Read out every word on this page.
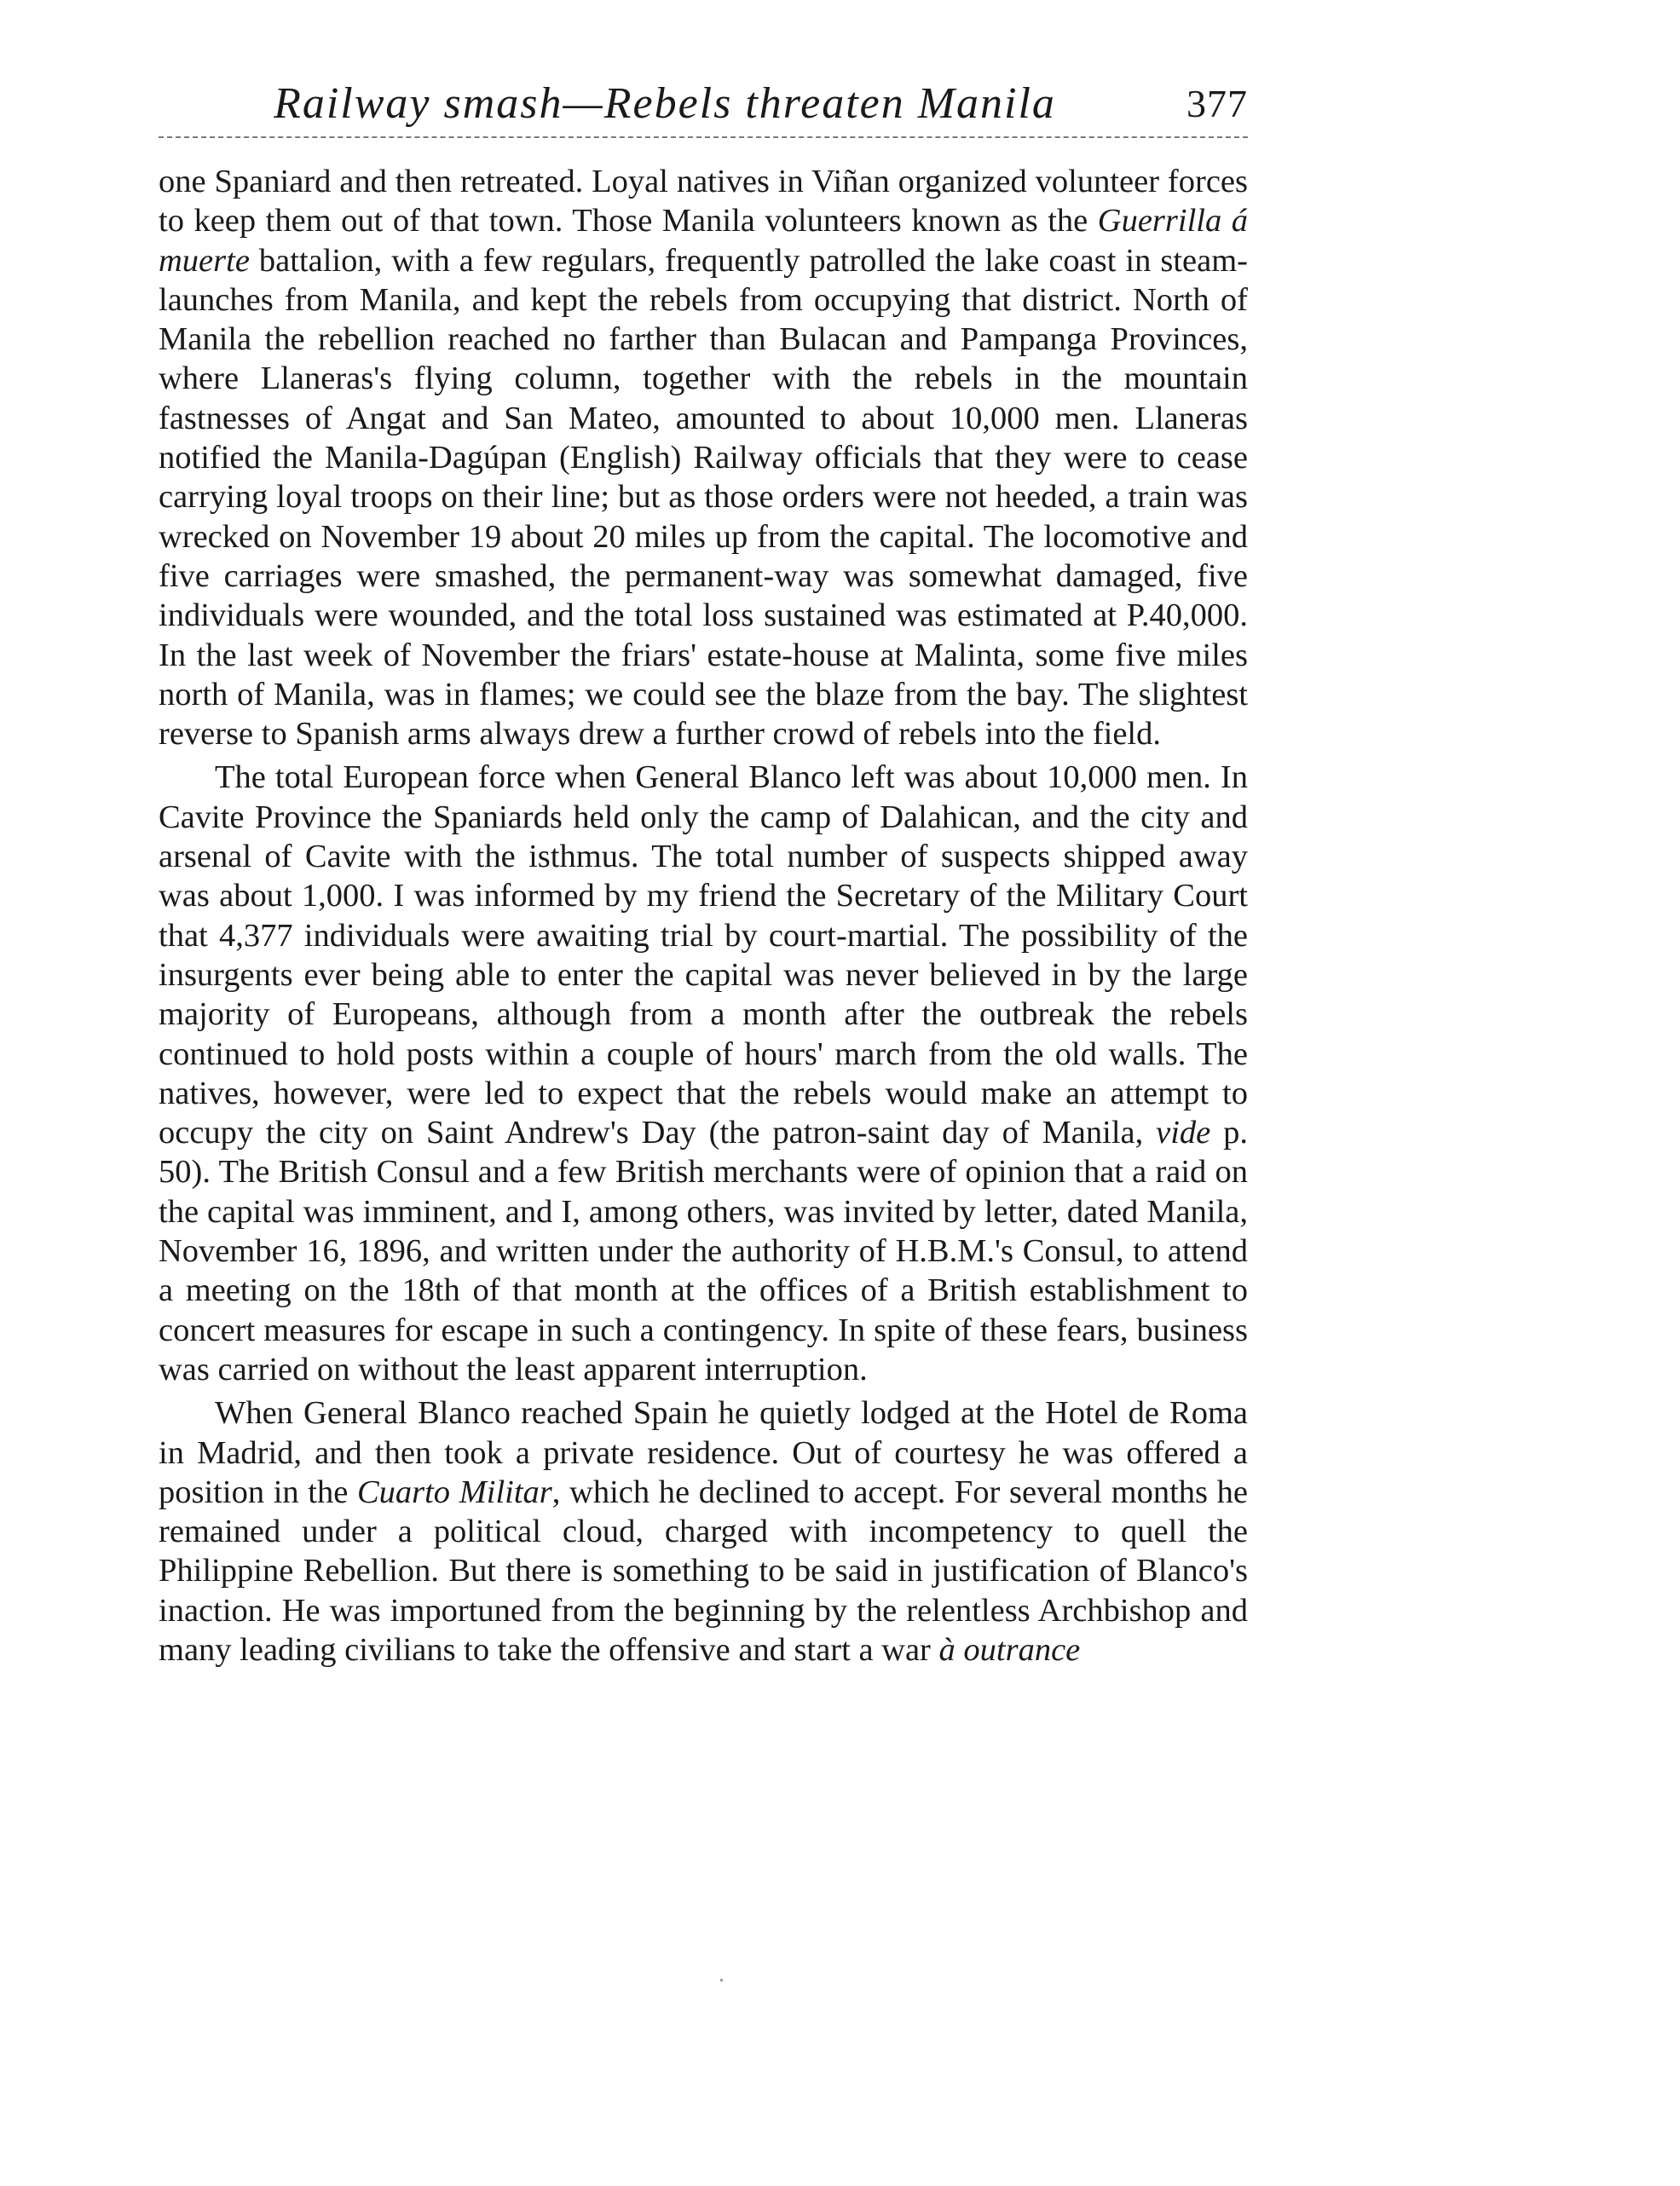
Railway smash—Rebels threaten Manila	377

one Spaniard and then retreated. Loyal natives in Viñan organized volunteer forces to keep them out of that town. Those Manila volunteers known as the Guerrilla á muerte battalion, with a few regulars, frequently patrolled the lake coast in steam-launches from Manila, and kept the rebels from occupying that district. North of Manila the rebellion reached no farther than Bulacan and Pampanga Provinces, where Llaneras's flying column, together with the rebels in the mountain fastnesses of Angat and San Mateo, amounted to about 10,000 men. Llaneras notified the Manila-Dagúpan (English) Railway officials that they were to cease carrying loyal troops on their line; but as those orders were not heeded, a train was wrecked on November 19 about 20 miles up from the capital. The locomotive and five carriages were smashed, the permanent-way was somewhat damaged, five individuals were wounded, and the total loss sustained was estimated at P.40,000. In the last week of November the friars' estate-house at Malinta, some five miles north of Manila, was in flames; we could see the blaze from the bay. The slightest reverse to Spanish arms always drew a further crowd of rebels into the field.

The total European force when General Blanco left was about 10,000 men. In Cavite Province the Spaniards held only the camp of Dalahican, and the city and arsenal of Cavite with the isthmus. The total number of suspects shipped away was about 1,000. I was informed by my friend the Secretary of the Military Court that 4,377 individuals were awaiting trial by court-martial. The possibility of the insurgents ever being able to enter the capital was never believed in by the large majority of Europeans, although from a month after the outbreak the rebels continued to hold posts within a couple of hours' march from the old walls. The natives, however, were led to expect that the rebels would make an attempt to occupy the city on Saint Andrew's Day (the patron-saint day of Manila, vide p. 50). The British Consul and a few British merchants were of opinion that a raid on the capital was imminent, and I, among others, was invited by letter, dated Manila, November 16, 1896, and written under the authority of H.B.M.'s Consul, to attend a meeting on the 18th of that month at the offices of a British establishment to concert measures for escape in such a contingency. In spite of these fears, business was carried on without the least apparent interruption.

When General Blanco reached Spain he quietly lodged at the Hotel de Roma in Madrid, and then took a private residence. Out of courtesy he was offered a position in the Cuarto Militar, which he declined to accept. For several months he remained under a political cloud, charged with incompetency to quell the Philippine Rebellion. But there is something to be said in justification of Blanco's inaction. He was importuned from the beginning by the relentless Archbishop and many leading civilians to take the offensive and start a war à outrance
